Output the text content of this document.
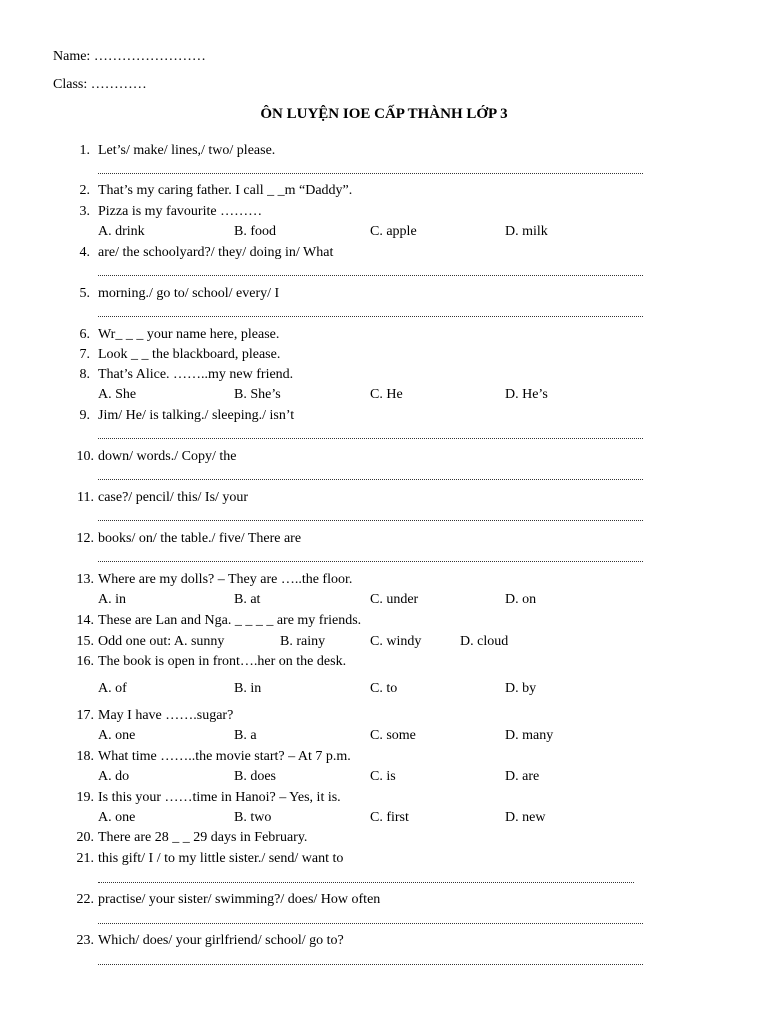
Name: ……………………
Class: …………
ÔN LUYỆN IOE CẤP THÀNH LỚP 3
1. Let’s/ make/ lines,/ two/ please.
2. That’s my caring father. I call _ _m “Daddy”.
3. Pizza is my favourite ………
A. drink	B. food	C. apple	D. milk
4. are/ the schoolyard?/ they/ doing in/ What
5. morning./ go to/ school/ every/ I
6. Wr_ _ _ your name here, please.
7. Look _ _ the blackboard, please.
8. That’s Alice. ……..my new friend.
A. She	B. She’s	C. He	D. He’s
9. Jim/ He/ is talking./ sleeping./ isn’t
10. down/ words./ Copy/ the
11. case?/ pencil/ this/ Is/ your
12. books/ on/ the table./ five/ There are
13. Where are my dolls? – They are …..the floor.
A. in	B. at	C. under	D. on
14. These are Lan and Nga. _ _ _ _ are my friends.
15. Odd one out: A. sunny	B. rainy	C. windy	D. cloud
16. The book is open in front….her on the desk.
A. of	B. in	C. to	D. by
17. May I have …….sugar?
A. one	B. a	C. some	D. many
18. What time ……..the movie start? – At 7 p.m.
A. do	B. does	C. is	D. are
19. Is this your ……time in Hanoi? – Yes, it is.
A. one	B. two	C. first	D. new
20. There are 28 _ _ 29 days in February.
21. this gift/ I / to my little sister./ send/ want to
22. practise/ your sister/ swimming?/ does/ How often
23. Which/ does/ your girlfriend/ school/ go to?
